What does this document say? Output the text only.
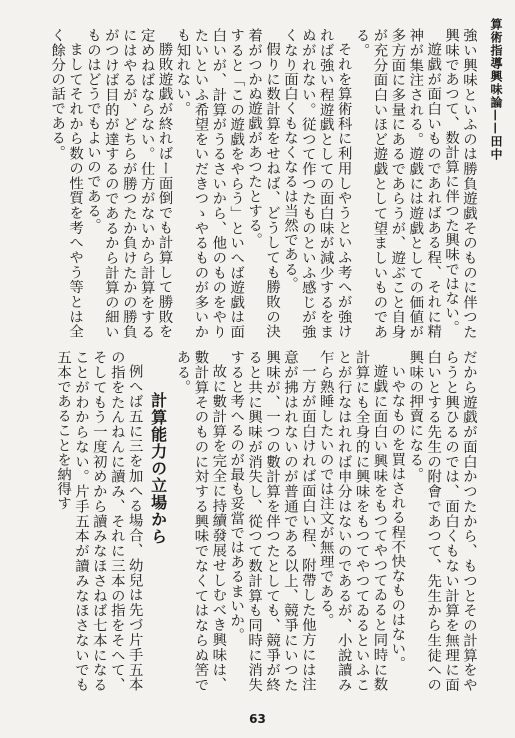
算術指導興味論——田中

強い興味といふのは勝負遊戯そのものに伴つた興味であつて、数計算に伴つた興味ではない。

遊戯が面白いものであればある程、それに精神が集注される。遊戯には遊戯としての価値が多方面に多量にあるであらうが、遊ぶこと自身が充分面白いほど遊戯として望ましいものである。

それを算術科に利用しやうといふ考へが強ければ強い程遊戯としての面白味が減少するをまぬがれない。従つて作つたものといふ感じが強くなり面白くもなくなるは当然である。

假りに数計算をせねば、どうしても勝敗の決着がつかぬ遊戯があつたとする。

すると「この遊戯をやらう」といへば遊戯は面白いが、計算がうるさいから、他のものをやりたいといふ希望をいだきつゝやるものが多いかも知れない。

勝敗遊戯が終ればー面倒でも計算して勝敗を定めねばならない。仕方がないから計算をするにはやるが、どちらが勝つたか負けたかの勝負がつけば目的が達するのであるから計算の細いものはどうでもよいのである。

ましてそれから数の性質を考へやう等とは全く餘分の話である。

だから遊戯が面白かつたから、もつとその計算をやらうと興ひるのでは、面白くもない計算を無理に面白いとする先生の附會であつて、先生から生徒への興味の押賣になる。

いやなものを買はされる程不快なものはない。

遊戯に面白い興味をもつてやつてゐると同時に数計算にも全身的に興味をもつてやつてゐるといふことが行なはれれば申分はないのであるが、小說讀み乍ら熟睡したいのでは注文が無理である。

一方が面白ければ面白い程、附帶した他方には注意が拂はれないのが普通である以上、競爭にいつた興味が、一つの數計算を伴つたとしても、競爭が終ると共に興味が消失し、從つて数計算も同時に消失すると考へるのが最も妥當ではあるまいか。

故に數計算を完全に持續發展せしむべき興味は、數計算そのものに対する興味でなくてはならぬ筈である。

計算能力の立場から

例へば五に三を加へる場合、幼兒は先づ片手五本の指をたんねんに讀み、それに三本の指をそへて、そしてもう一度初めから讀みなほさねば七本になることがわからない。片手五本が讀みなほさないでも五本であることを納得す

63
